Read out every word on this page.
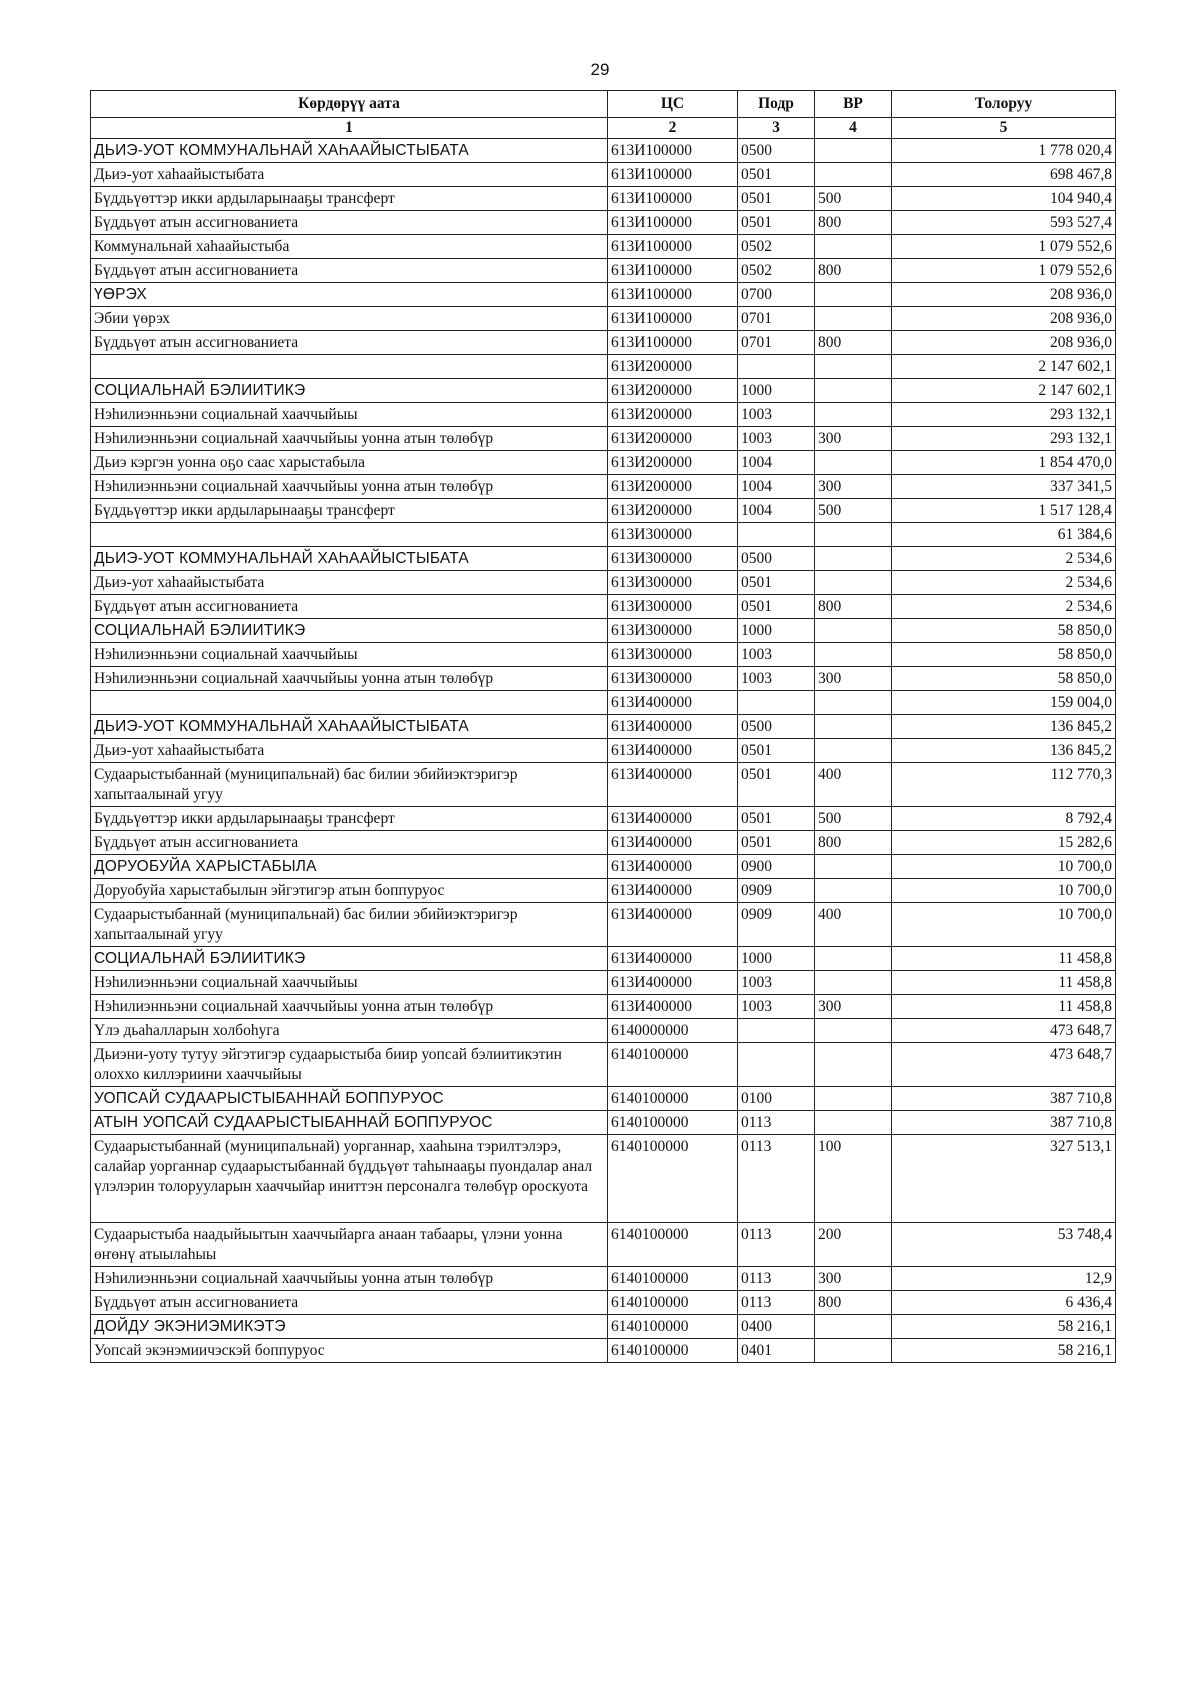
29
Көрдөрүү аата	ЦС	Подр	ВР	Толоруу
1	2	3	4	5
ДЬИЭ-УОТ КОММУНАЛЬНАЙ ХАҺААЙЫСТЫБАТА	613И100000	0500		1 778 020,4
Дьиэ-уот хаһаайыстыбата	613И100000	0501		698 467,8
Бүддьүөттэр икки ардыларынааҕы трансферт	613И100000	0501	500	104 940,4
Бүддьүөт атын ассигнованиета	613И100000	0501	800	593 527,4
Коммунальнай хаһаайыстыба	613И100000	0502		1 079 552,6
Бүддьүөт атын ассигнованиета	613И100000	0502	800	1 079 552,6
ҮӨРЭХ	613И100000	0700		208 936,0
Эбии үөрэх	613И100000	0701		208 936,0
Бүддьүөт атын ассигнованиета	613И100000	0701	800	208 936,0
	613И200000			2 147 602,1
СОЦИАЛЬНАЙ БЭЛИИТИКЭ	613И200000	1000		2 147 602,1
Нэһилиэнньэни социальнай хааччыйыы	613И200000	1003		293 132,1
Нэһилиэнньэни социальнай хааччыйыы уонна атын төлөбүр	613И200000	1003	300	293 132,1
Дьиэ кэргэн уонна оҕо саас харыстабыла	613И200000	1004		1 854 470,0
Нэһилиэнньэни социальнай хааччыйыы уонна атын төлөбүр	613И200000	1004	300	337 341,5
Бүддьүөттэр икки ардыларынааҕы трансферт	613И200000	1004	500	1 517 128,4
	613И300000			61 384,6
ДЬИЭ-УОТ КОММУНАЛЬНАЙ ХАҺААЙЫСТЫБАТА	613И300000	0500		2 534,6
Дьиэ-уот хаһаайыстыбата	613И300000	0501		2 534,6
Бүддьүөт атын ассигнованиета	613И300000	0501	800	2 534,6
СОЦИАЛЬНАЙ БЭЛИИТИКЭ	613И300000	1000		58 850,0
Нэһилиэнньэни социальнай хааччыйыы	613И300000	1003		58 850,0
Нэһилиэнньэни социальнай хааччыйыы уонна атын төлөбүр	613И300000	1003	300	58 850,0
	613И400000			159 004,0
ДЬИЭ-УОТ КОММУНАЛЬНАЙ ХАҺААЙЫСТЫБАТА	613И400000	0500		136 845,2
Дьиэ-уот хаһаайыстыбата	613И400000	0501		136 845,2
Судаарыстыбаннай (муниципальнай) бас билии эбийиэктэригэр хапытаалынай угуу	613И400000	0501	400	112 770,3
Бүддьүөттэр икки ардыларынааҕы трансферт	613И400000	0501	500	8 792,4
Бүддьүөт атын ассигнованиета	613И400000	0501	800	15 282,6
ДОРУОБУЙА ХАРЫСТАБЫЛА	613И400000	0900		10 700,0
Доруобуйа харыстабылын эйгэтигэр атын боппуруос	613И400000	0909		10 700,0
Судаарыстыбаннай (муниципальнай) бас билии эбийиэктэригэр хапытаалынай угуу	613И400000	0909	400	10 700,0
СОЦИАЛЬНАЙ БЭЛИИТИКЭ	613И400000	1000		11 458,8
Нэһилиэнньэни социальнай хааччыйыы	613И400000	1003		11 458,8
Нэһилиэнньэни социальнай хааччыйыы уонна атын төлөбүр	613И400000	1003	300	11 458,8
Үлэ дьаһалларын холбоһуга	6140000000			473 648,7
Дьиэни-уоту тутуу эйгэтигэр судаарыстыба биир уопсай бэлиитикэтин олоххо киллэриини хааччыйыы	6140100000			473 648,7
УОПСАЙ СУДААРЫСТЫБАННАЙ БОППУРУОС	6140100000	0100		387 710,8
АТЫН УОПСАЙ СУДААРЫСТЫБАННАЙ БОППУРУОС	6140100000	0113		387 710,8
Судаарыстыбаннай (муниципальнай) уорганнар, хааһына тэрилтэлэрэ, салайар уорганнар судаарыстыбаннай бүддьүөт таһынааҕы пуондалар анал үлэлэрин толорууларын хааччыйар иниттэн персоналга төлөбүр ороскуота	6140100000	0113	100	327 513,1
Судаарыстыба наадыйыытын хааччыйарга анаан табаары, үлэни уонна өҥөнү атыылаһыы	6140100000	0113	200	53 748,4
Нэһилиэнньэни социальнай хааччыйыы уонна атын төлөбүр	6140100000	0113	300	12,9
Бүддьүөт атын ассигнованиета	6140100000	0113	800	6 436,4
ДОЙДУ ЭКЭНИЭМИКЭТЭ	6140100000	0400		58 216,1
Уопсай экэнэмиичэскэй боппуруос	6140100000	0401		58 216,1
